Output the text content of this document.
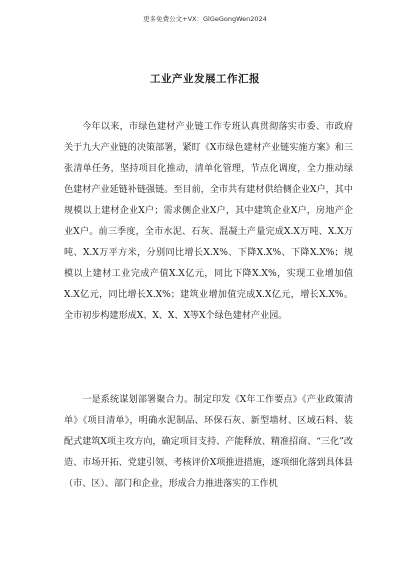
更多免费公文+VX：GlGeGongWen2024
工业产业发展工作汇报

今年以来，市绿色建材产业链工作专班认真贯彻落实市委、市政府关于九大产业链的决策部署，紧盯《X市绿色建材产业链实施方案》和三张清单任务，坚持项目化推动，清单化管理，节点化调度，全力推动绿色建材产业延链补链强链。至目前，全市共有建材供给侧企业X户，其中规模以上建材企业X户；需求侧企业X户，其中建筑企业X户，房地产企业X户。前三季度，全市水泥、石灰、混凝土产量完成X.X万吨、X.X万吨、X.X万平方米，分别同比增长X.X%、下降X.X%、下降X.X%；规模以上建材工业完成产值X.X亿元，同比下降X.X%，实现工业增加值X.X亿元，同比增长X.X%；建筑业增加值完成X.X亿元，增长X.X%。全市初步构建形成X、X、X、X等X个绿色建材产业园。

一是系统谋划部署聚合力。制定印发《X年工作要点》《产业政策清单》《项目清单》，明确水泥制品、环保石灰、新型墙材、区域石料、装配式建筑X项主攻方向，确定项目支持、产能释放、精准招商、“三化”改造、市场开拓、党建引领、考核评价X项推进措施，逐项细化落到具体县（市、区）、部门和企业，形成合力推进落实的工作机
